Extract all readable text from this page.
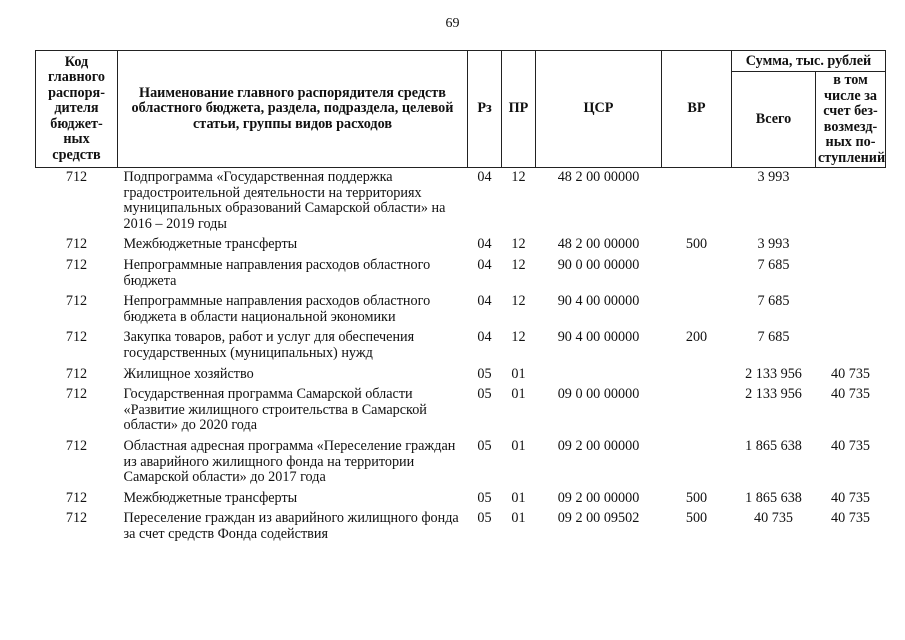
69
Код главного распоря-дителя бюджет-ных средств	Наименование главного распорядителя средств областного бюджета, раздела, подраздела, целевой статьи, группы видов расходов	Рз	ПР	ЦСР	ВР	Сумма, тыс. рублей	
						Всего	в том числе за счет без-возмезд-ных по-ступлений
712	Подпрограмма «Государственная поддержка градостроительной деятельности на территориях муниципальных образований Самарской области» на 2016 – 2019 годы	04	12	48 2 00 00000		3 993	
712	Межбюджетные трансферты	04	12	48 2 00 00000	500	3 993	
712	Непрограммные направления расходов областного бюджета	04	12	90 0 00 00000		7 685	
712	Непрограммные направления расходов областного бюджета в области национальной экономики	04	12	90 4 00 00000		7 685	
712	Закупка товаров, работ и услуг для обеспечения государственных (муниципальных) нужд	04	12	90 4 00 00000	200	7 685	
712	Жилищное хозяйство	05	01			2 133 956	40 735
712	Государственная программа Самарской области «Развитие жилищного строительства в Самарской области» до 2020 года	05	01	09 0 00 00000		2 133 956	40 735
712	Областная адресная программа «Переселение граждан из аварийного жилищного фонда на территории Самарской области» до 2017 года	05	01	09 2 00 00000		1 865 638	40 735
712	Межбюджетные трансферты	05	01	09 2 00 00000	500	1 865 638	40 735
712	Переселение граждан из аварийного жилищного фонда за счет средств Фонда содействия	05	01	09 2 00 09502	500	40 735	40 735
